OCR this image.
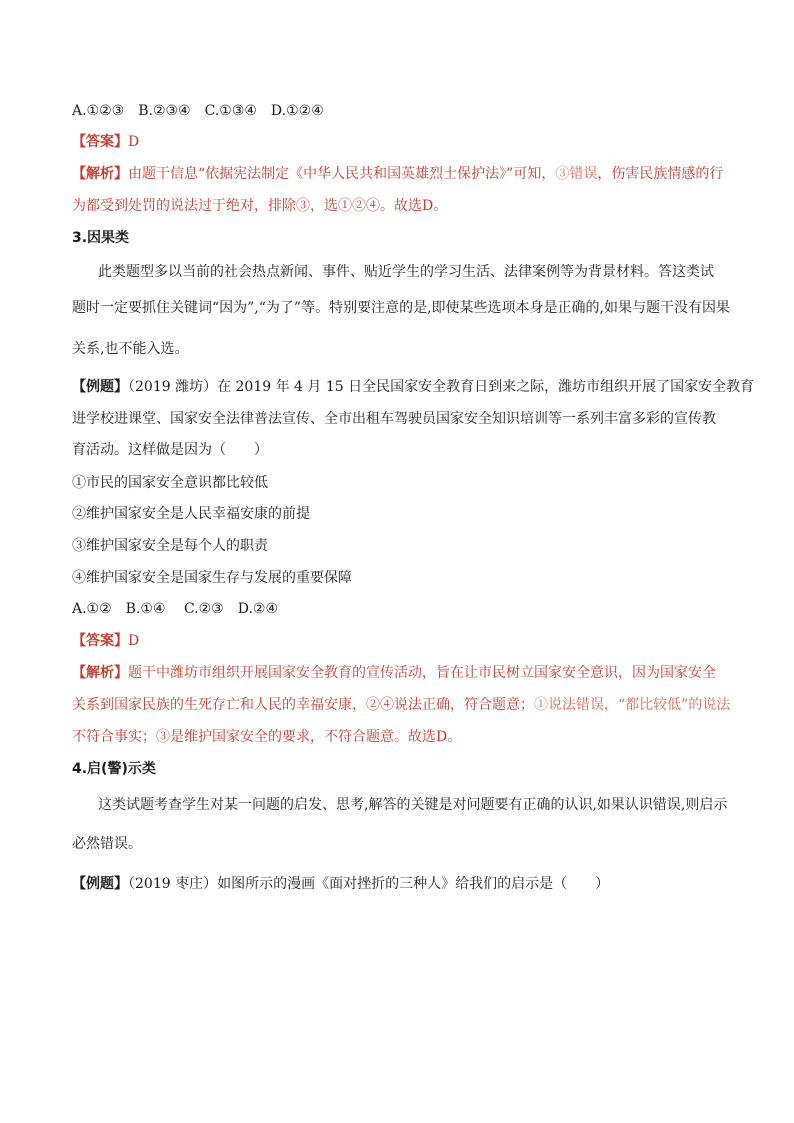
A.①②③　B.②③④　C.①③④　D.①②④
【答案】D
【解析】由题干信息“依据宪法制定《中华人民共和国英雄烈士保护法》”可知，③错误，伤害民族情感的行
为都受到处罚的说法过于绝对，排除③，选①②④。故选D。
3.因果类
此类题型多以当前的社会热点新闻、事件、贴近学生的学习生活、法律案例等为背景材料。答这类试
题时一定要抓住关键词“因为”,“为了”等。特别要注意的是,即使某些选项本身是正确的,如果与题干没有因果
关系,也不能入选。
【例题】（2019 潍坊）在 2019 年 4 月 15 日全民国家安全教育日到来之际，潍坊市组织开展了国家安全教育
进学校进课堂、国家安全法律普法宣传、全市出租车驾驶员国家安全知识培训等一系列丰富多彩的宣传教
育活动。这样做是因为（　　）
①市民的国家安全意识都比较低
②维护国家安全是人民幸福安康的前提
③维护国家安全是每个人的职责
④维护国家安全是国家生存与发展的重要保障
A.①②　B.①④　 C.②③　D.②④
【答案】D
【解析】题干中潍坊市组织开展国家安全教育的宣传活动，旨在让市民树立国家安全意识，因为国家安全
关系到国家民族的生死存亡和人民的幸福安康，②④说法正确，符合题意；①说法错误，“都比较低”的说法
不符合事实；③是维护国家安全的要求，不符合题意。故选D。
4.启(警)示类
这类试题考查学生对某一问题的启发、思考,解答的关键是对问题要有正确的认识,如果认识错误,则启示
必然错误。
【例题】（2019 枣庄）如图所示的漫画《面对挫折的三种人》给我们的启示是（　　）
